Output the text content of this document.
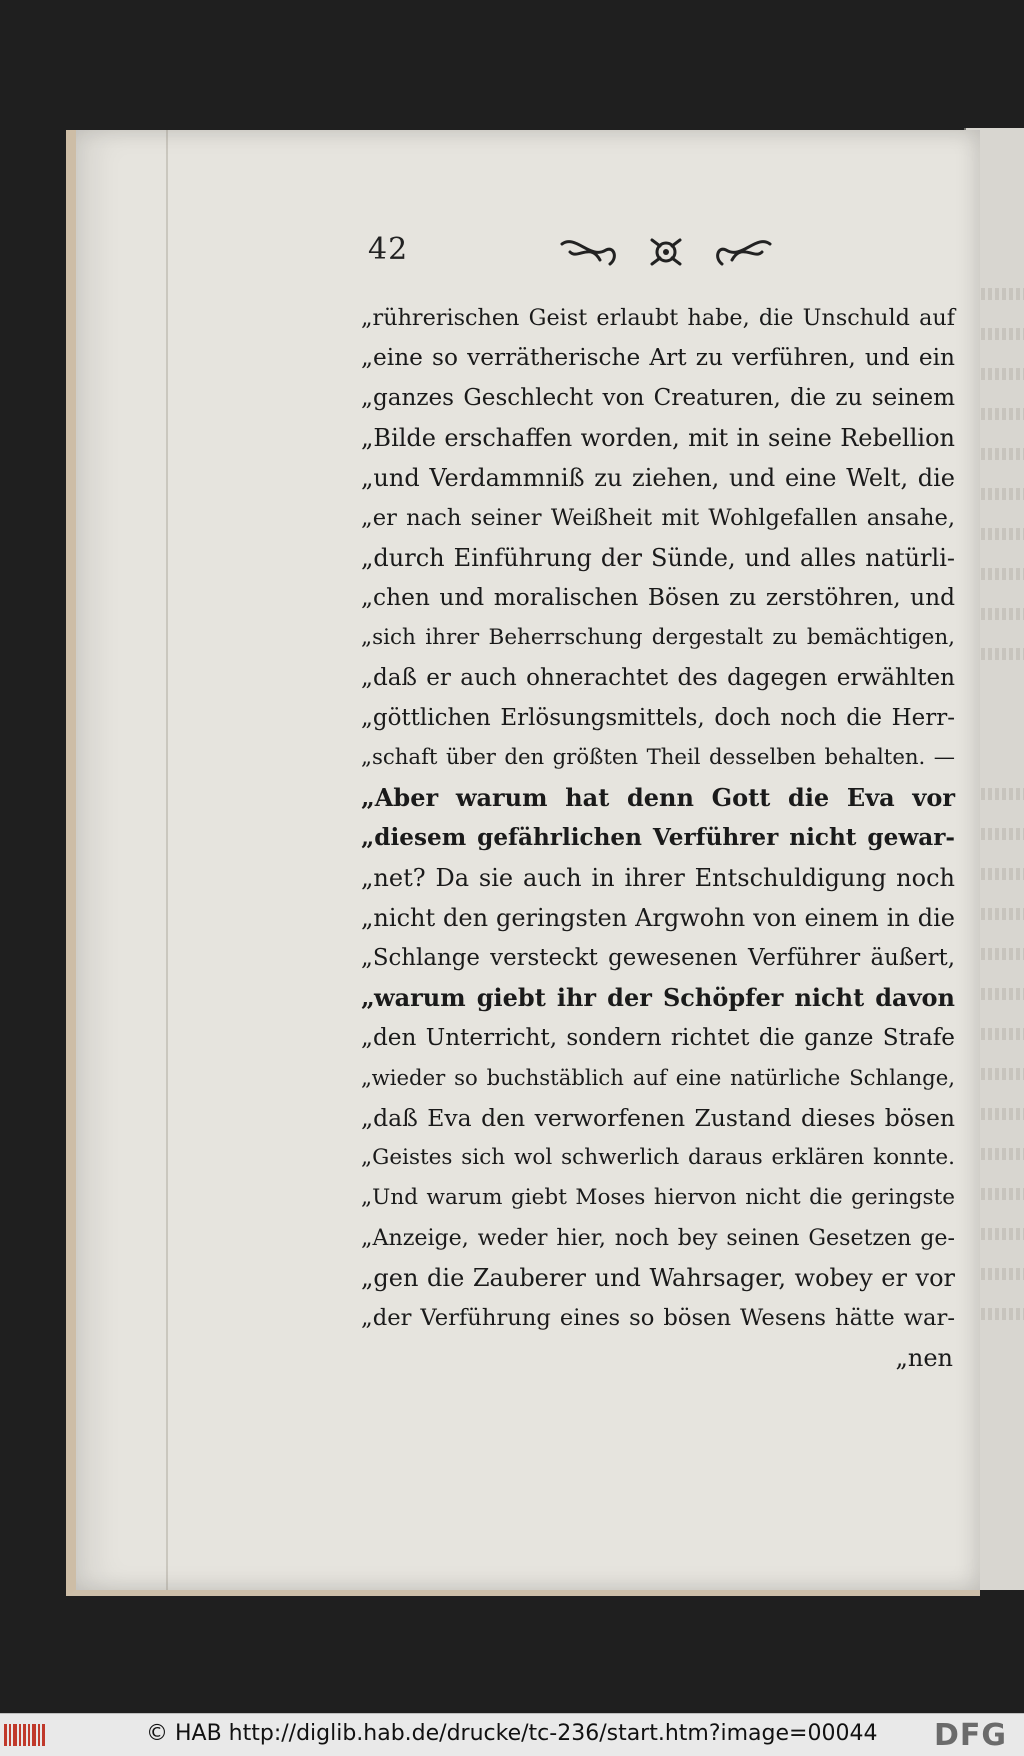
42
„rührerischen Geist erlaubt habe, die Unschuld auf
„eine so verrätherische Art zu verführen, und ein
„ganzes Geschlecht von Creaturen, die zu seinem
„Bilde erschaffen worden, mit in seine Rebellion
„und Verdammniß zu ziehen, und eine Welt, die
„er nach seiner Weißheit mit Wohlgefallen ansahe,
„durch Einführung der Sünde, und alles natürli-
„chen und moralischen Bösen zu zerstöhren, und
„sich ihrer Beherrschung dergestalt zu bemächtigen,
„daß er auch ohnerachtet des dagegen erwählten
„göttlichen Erlösungsmittels, doch noch die Herr-
„schaft über den größten Theil desselben behalten. —
„Aber warum hat denn Gott die Eva vor
„diesem gefährlichen Verführer nicht gewar-
„net? Da sie auch in ihrer Entschuldigung noch
„nicht den geringsten Argwohn von einem in die
„Schlange versteckt gewesenen Verführer äußert,
„warum giebt ihr der Schöpfer nicht davon
„den Unterricht, sondern richtet die ganze Strafe
„wieder so buchstäblich auf eine natürliche Schlange,
„daß Eva den verworfenen Zustand dieses bösen
„Geistes sich wol schwerlich daraus erklären konnte.
„Und warum giebt Moses hiervon nicht die geringste
„Anzeige, weder hier, noch bey seinen Gesetzen ge-
„gen die Zauberer und Wahrsager, wobey er vor
„der Verführung eines so bösen Wesens hätte war-
„nen
© HAB http://diglib.hab.de/drucke/tc-236/start.htm?image=00044 DFG
